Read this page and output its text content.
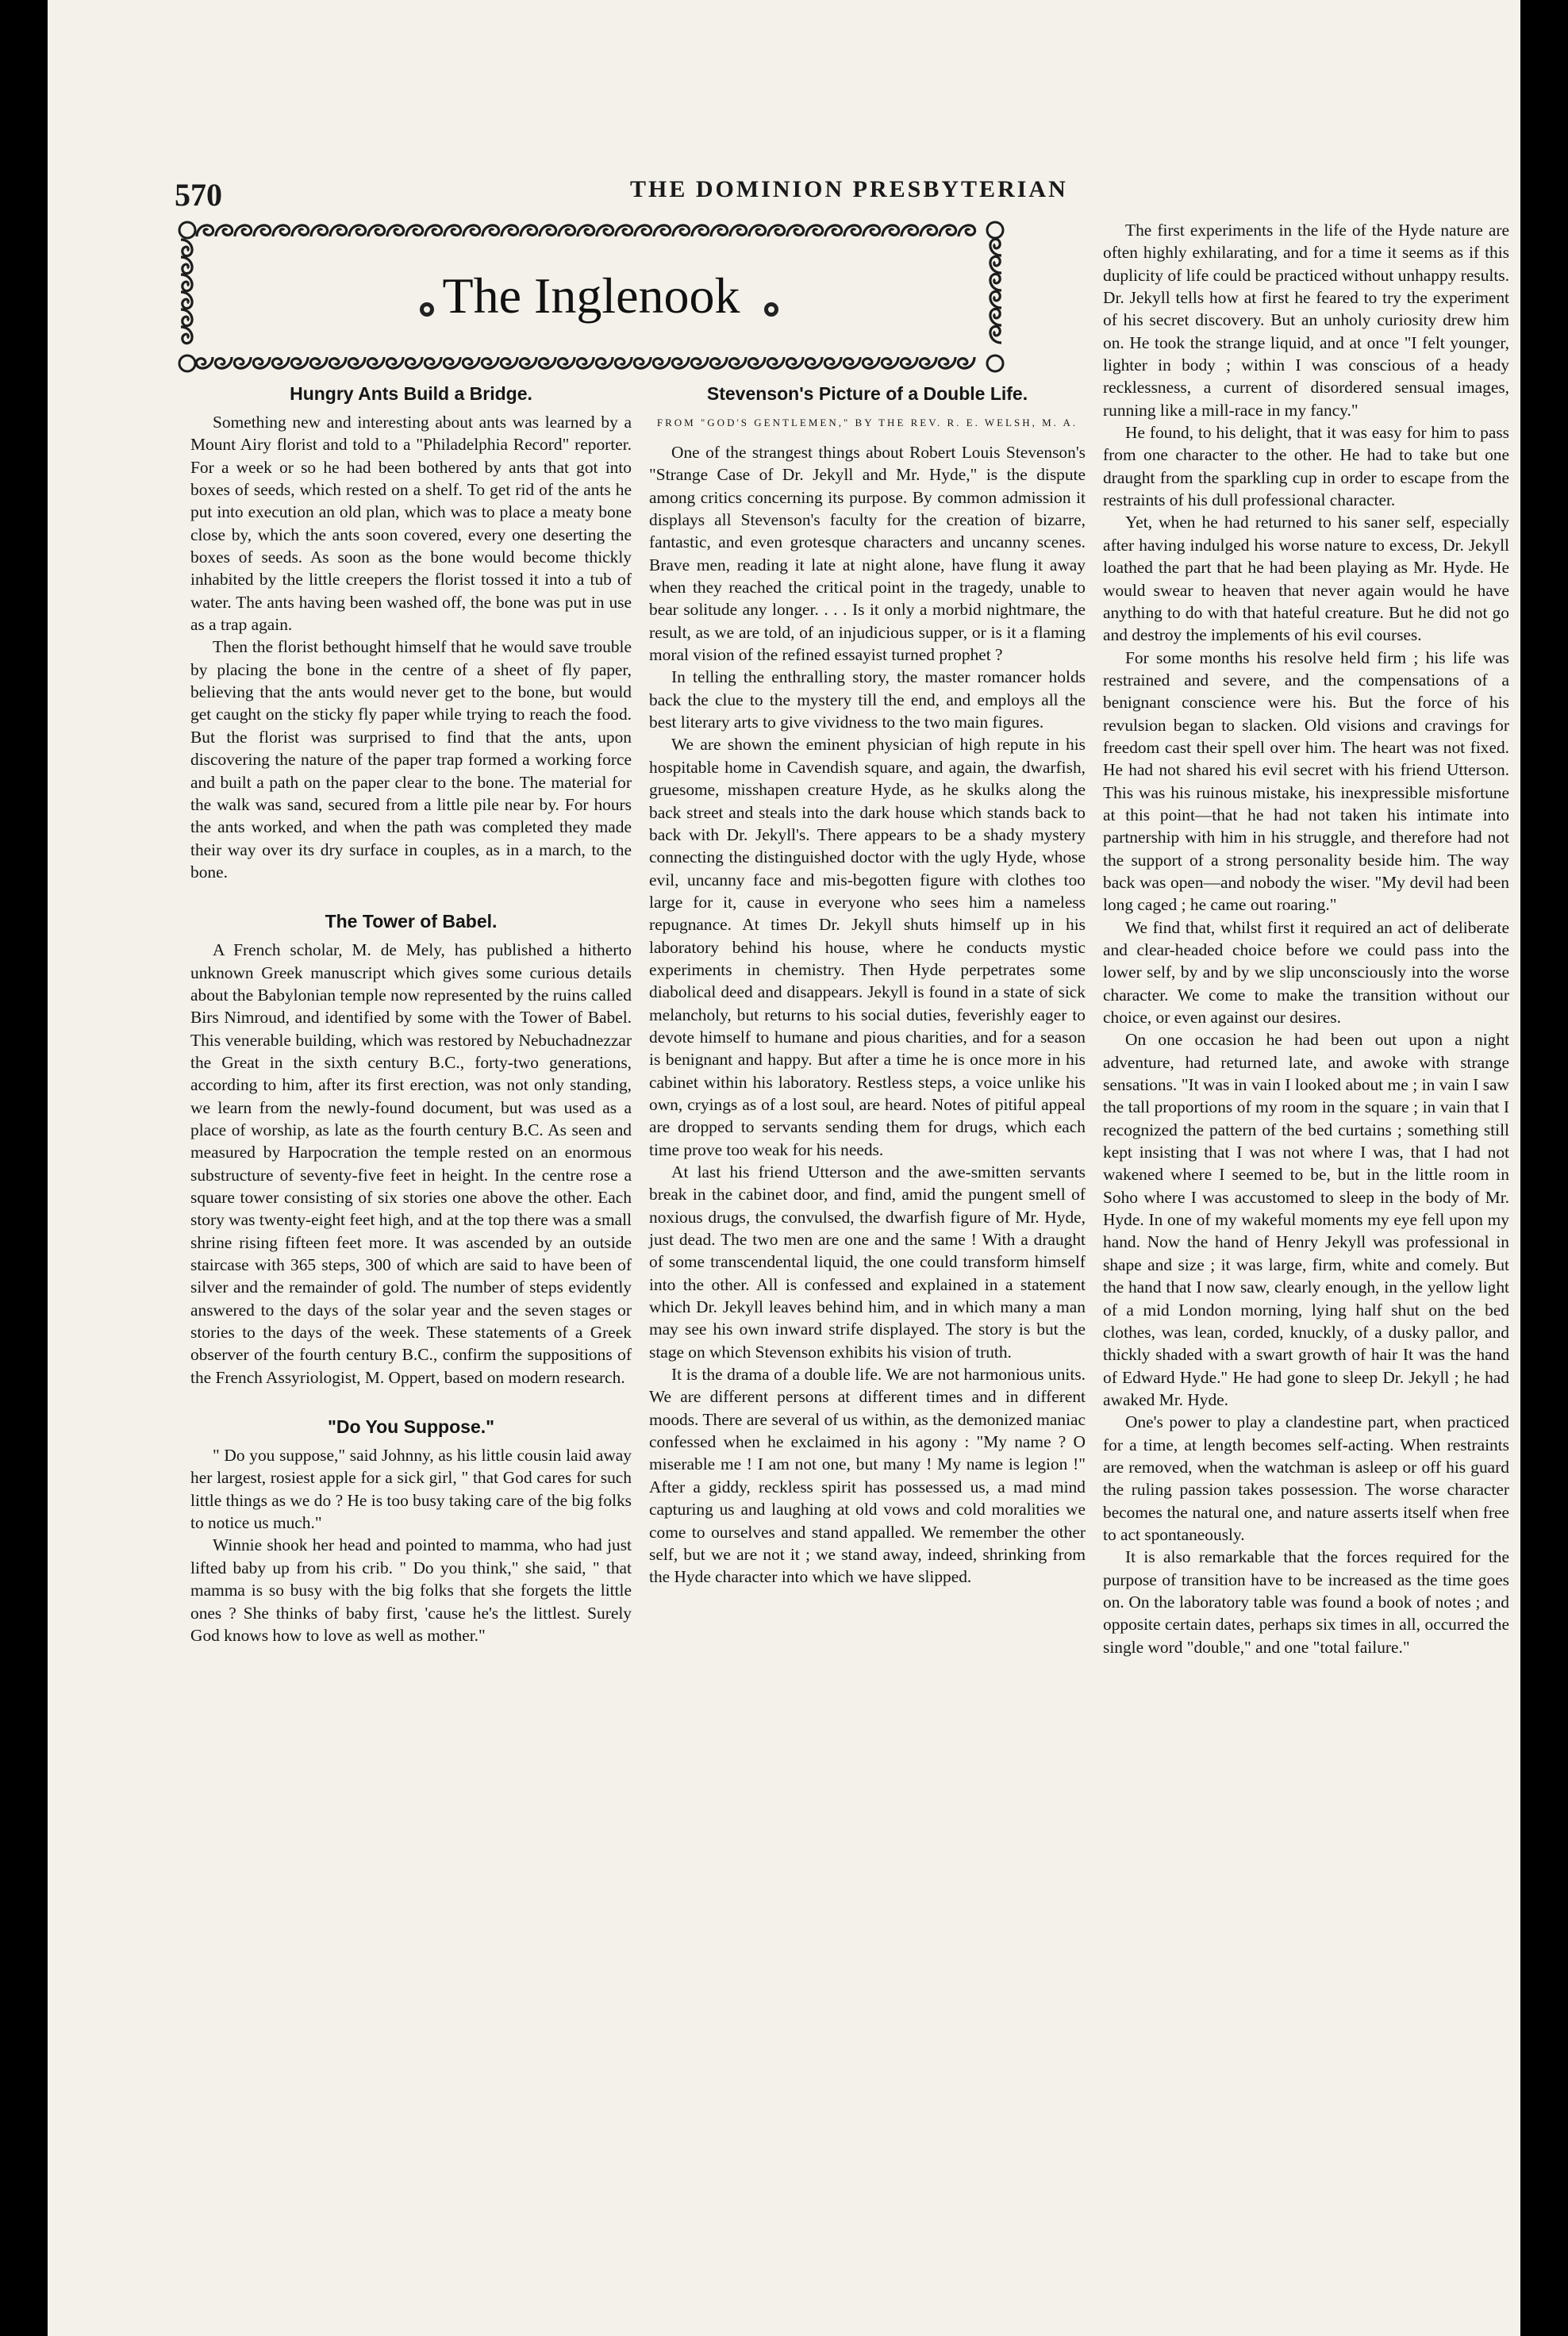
570	THE DOMINION PRESBYTERIAN
The Inglenook
Hungry Ants Build a Bridge.

Something new and interesting about ants was learned by a Mount Airy florist and told to a "Philadelphia Record" reporter. For a week or so he had been bothered by ants that got into boxes of seeds, which rested on a shelf. To get rid of the ants he put into execution an old plan, which was to place a meaty bone close by, which the ants soon covered, every one deserting the boxes of seeds. As soon as the bone would become thickly inhabited by the little creepers the florist tossed it into a tub of water. The ants having been washed off, the bone was put in use as a trap again.

Then the florist bethought himself that he would save trouble by placing the bone in the centre of a sheet of fly paper, believing that the ants would never get to the bone, but would get caught on the sticky fly paper while trying to reach the food. But the florist was surprised to find that the ants, upon discovering the nature of the paper trap formed a working force and built a path on the paper clear to the bone. The material for the walk was sand, secured from a little pile near by. For hours the ants worked, and when the path was completed they made their way over its dry surface in couples, as in a march, to the bone.

The Tower of Babel.

A French scholar, M. de Mely, has published a hitherto unknown Greek manuscript which gives some curious details about the Babylonian temple now represented by the ruins called Birs Nimroud, and identified by some with the Tower of Babel. This venerable building, which was restored by Nebuchadnezzar the Great in the sixth century B.C., forty-two generations, according to him, after its first erection, was not only standing, we learn from the newly-found document, but was used as a place of worship, as late as the fourth century B.C. As seen and measured by Harpocration the temple rested on an enormous substructure of seventy-five feet in height. In the centre rose a square tower consisting of six stories one above the other. Each story was twenty-eight feet high, and at the top there was a small shrine rising fifteen feet more. It was ascended by an outside staircase with 365 steps, 300 of which are said to have been of silver and the remainder of gold. The number of steps evidently answered to the days of the solar year and the seven stages or stories to the days of the week. These statements of a Greek observer of the fourth century B.C., confirm the suppositions of the French Assyriologist, M. Oppert, based on modern research.

"Do You Suppose."

" Do you suppose," said Johnny, as his little cousin laid away her largest, rosiest apple for a sick girl, " that God cares for such little things as we do ? He is too busy taking care of the big folks to notice us much."

Winnie shook her head and pointed to mamma, who had just lifted baby up from his crib. " Do you think," she said, " that mamma is so busy with the big folks that she forgets the little ones ? She thinks of baby first, 'cause he's the littlest. Surely God knows how to love as well as mother."

Stevenson's Picture of a Double Life.
FROM "GOD'S GENTLEMEN," BY THE REV. R. E. WELSH, M. A.

One of the strangest things about Robert Louis Stevenson's "Strange Case of Dr. Jekyll and Mr. Hyde," is the dispute among critics concerning its purpose. By common admission it displays all Stevenson's faculty for the creation of bizarre, fantastic, and even grotesque characters and uncanny scenes. Brave men, reading it late at night alone, have flung it away when they reached the critical point in the tragedy, unable to bear solitude any longer. . . . Is it only a morbid nightmare, the result, as we are told, of an injudicious supper, or is it a flaming moral vision of the refined essayist turned prophet ?

In telling the enthralling story, the master romancer holds back the clue to the mystery till the end, and employs all the best literary arts to give vividness to the two main figures.

We are shown the eminent physician of high repute in his hospitable home in Cavendish square, and again, the dwarfish, gruesome, misshapen creature Hyde, as he skulks along the back street and steals into the dark house which stands back to back with Dr. Jekyll's. There appears to be a shady mystery connecting the distinguished doctor with the ugly Hyde, whose evil, uncanny face and mis-begotten figure with clothes too large for it, cause in everyone who sees him a nameless repugnance. At times Dr. Jekyll shuts himself up in his laboratory behind his house, where he conducts mystic experiments in chemistry. Then Hyde perpetrates some diabolical deed and disappears. Jekyll is found in a state of sick melancholy, but returns to his social duties, feverishly eager to devote himself to humane and pious charities, and for a season is benignant and happy. But after a time he is once more in his cabinet within his laboratory. Restless steps, a voice unlike his own, cryings as of a lost soul, are heard. Notes of pitiful appeal are dropped to servants sending them for drugs, which each time prove too weak for his needs.

At last his friend Utterson and the awe-smitten servants break in the cabinet door, and find, amid the pungent smell of noxious drugs, the convulsed, the dwarfish figure of Mr. Hyde, just dead. The two men are one and the same ! With a draught of some transcendental liquid, the one could transform himself into the other. All is confessed and explained in a statement which Dr. Jekyll leaves behind him, and in which many a man may see his own inward strife displayed. The story is but the stage on which Stevenson exhibits his vision of truth.

It is the drama of a double life. We are not harmonious units. We are different persons at different times and in different moods. There are several of us within, as the demonized maniac confessed when he exclaimed in his agony : "My name ? O miserable me ! I am not one, but many ! My name is legion !" After a giddy, reckless spirit has possessed us, a mad mind capturing us and laughing at old vows and cold moralities we come to ourselves and stand appalled. We remember the other self, but we are not it ; we stand away, indeed, shrinking from the Hyde character into which we have slipped.

The first experiments in the life of the Hyde nature are often highly exhilarating, and for a time it seems as if this duplicity of life could be practiced without unhappy results. Dr. Jekyll tells how at first he feared to try the experiment of his secret discovery. But an unholy curiosity drew him on. He took the strange liquid, and at once "I felt younger, lighter in body ; within I was conscious of a heady recklessness, a current of disordered sensual images, running like a mill-race in my fancy."

He found, to his delight, that it was easy for him to pass from one character to the other. He had to take but one draught from the sparkling cup in order to escape from the restraints of his dull professional character.

Yet, when he had returned to his saner self, especially after having indulged his worse nature to excess, Dr. Jekyll loathed the part that he had been playing as Mr. Hyde. He would swear to heaven that never again would he have anything to do with that hateful creature. But he did not go and destroy the implements of his evil courses.

For some months his resolve held firm ; his life was restrained and severe, and the compensations of a benignant conscience were his. But the force of his revulsion began to slacken. Old visions and cravings for freedom cast their spell over him. The heart was not fixed. He had not shared his evil secret with his friend Utterson. This was his ruinous mistake, his inexpressible misfortune at this point—that he had not taken his intimate into partnership with him in his struggle, and therefore had not the support of a strong personality beside him. The way back was open—and nobody the wiser. "My devil had been long caged ; he came out roaring."

We find that, whilst first it required an act of deliberate and clear-headed choice before we could pass into the lower self, by and by we slip unconsciously into the worse character. We come to make the transition without our choice, or even against our desires.

On one occasion he had been out upon a night adventure, had returned late, and awoke with strange sensations. "It was in vain I looked about me ; in vain I saw the tall proportions of my room in the square ; in vain that I recognized the pattern of the bed curtains ; something still kept insisting that I was not where I was, that I had not wakened where I seemed to be, but in the little room in Soho where I was accustomed to sleep in the body of Mr. Hyde. In one of my wakeful moments my eye fell upon my hand. Now the hand of Henry Jekyll was professional in shape and size ; it was large, firm, white and comely. But the hand that I now saw, clearly enough, in the yellow light of a mid London morning, lying half shut on the bed clothes, was lean, corded, knuckly, of a dusky pallor, and thickly shaded with a swart growth of hair It was the hand of Edward Hyde." He had gone to sleep Dr. Jekyll ; he had awaked Mr. Hyde.

One's power to play a clandestine part, when practiced for a time, at length becomes self-acting. When restraints are removed, when the watchman is asleep or off his guard the ruling passion takes possession. The worse character becomes the natural one, and nature asserts itself when free to act spontaneously.

It is also remarkable that the forces required for the purpose of transition have to be increased as the time goes on. On the laboratory table was found a book of notes ; and opposite certain dates, perhaps six times in all, occurred the single word "double," and one "total failure."
